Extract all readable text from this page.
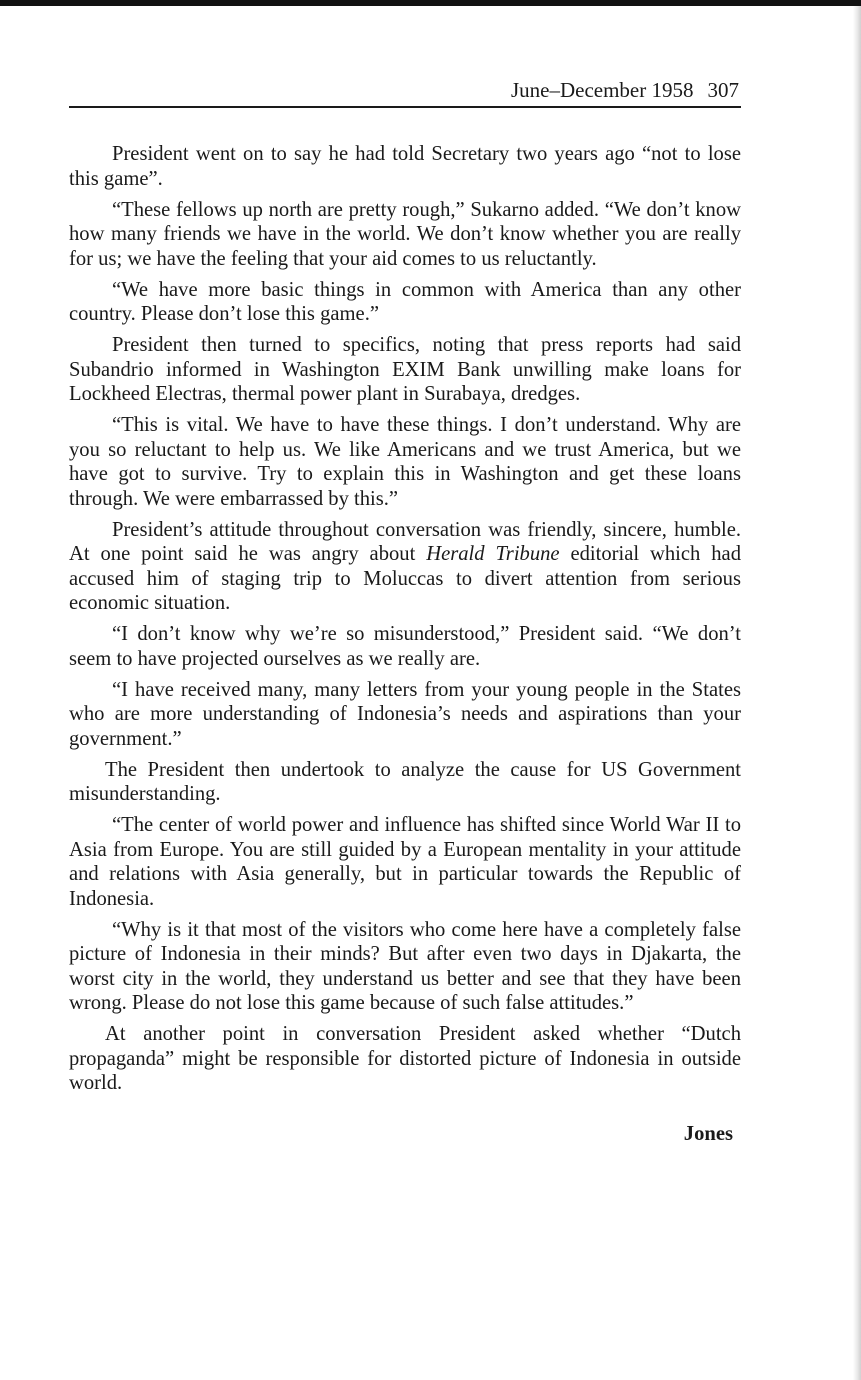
June–December 1958 307

President went on to say he had told Secretary two years ago “not to lose this game”.

“These fellows up north are pretty rough,” Sukarno added. “We don’t know how many friends we have in the world. We don’t know whether you are really for us; we have the feeling that your aid comes to us reluctantly.

“We have more basic things in common with America than any other country. Please don’t lose this game.”

President then turned to specifics, noting that press reports had said Subandrio informed in Washington EXIM Bank unwilling make loans for Lockheed Electras, thermal power plant in Surabaya, dredges.

“This is vital. We have to have these things. I don’t understand. Why are you so reluctant to help us. We like Americans and we trust America, but we have got to survive. Try to explain this in Washington and get these loans through. We were embarrassed by this.”

President’s attitude throughout conversation was friendly, sincere, humble. At one point said he was angry about Herald Tribune editorial which had accused him of staging trip to Moluccas to divert attention from serious economic situation.

“I don’t know why we’re so misunderstood,” President said. “We don’t seem to have projected ourselves as we really are.

“I have received many, many letters from your young people in the States who are more understanding of Indonesia’s needs and aspirations than your government.”

The President then undertook to analyze the cause for US Government misunderstanding.

“The center of world power and influence has shifted since World War II to Asia from Europe. You are still guided by a European mentality in your attitude and relations with Asia generally, but in particular towards the Republic of Indonesia.

“Why is it that most of the visitors who come here have a completely false picture of Indonesia in their minds? But after even two days in Djakarta, the worst city in the world, they understand us better and see that they have been wrong. Please do not lose this game because of such false attitudes.”

At another point in conversation President asked whether “Dutch propaganda” might be responsible for distorted picture of Indonesia in outside world.

Jones
